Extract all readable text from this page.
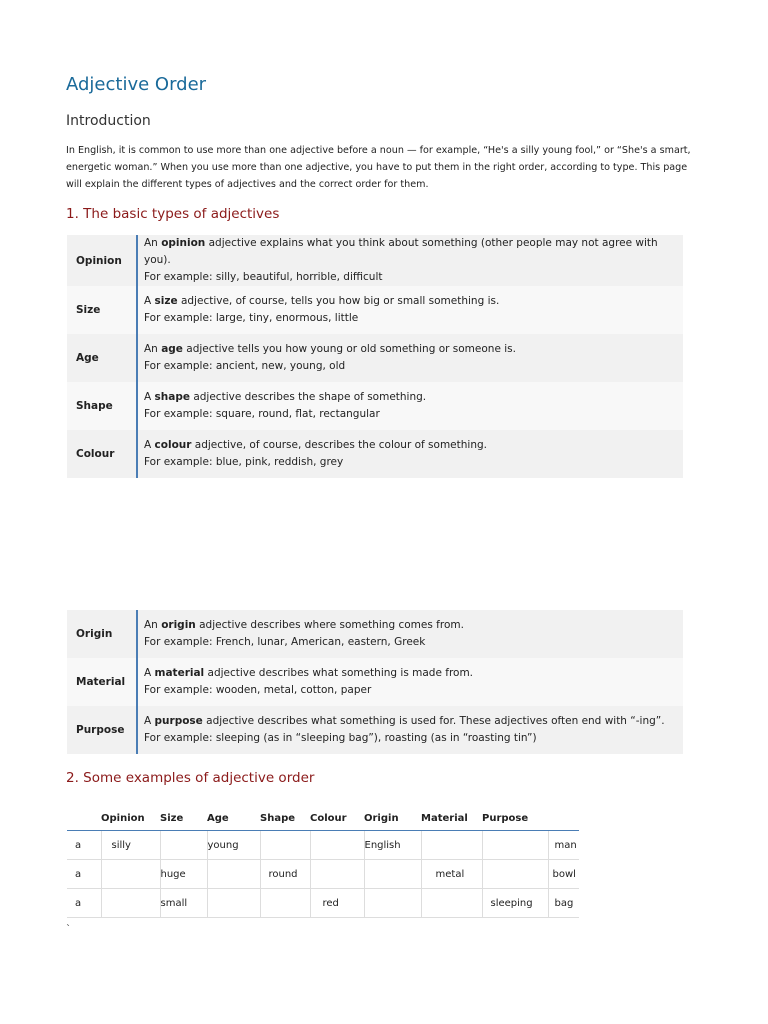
Adjective Order
Introduction

In English, it is common to use more than one adjective before a noun — for example, “He's a silly young fool,” or “She's a smart, energetic woman.” When you use more than one adjective, you have to put them in the right order, according to type. This page will explain the different types of adjectives and the correct order for them.

1. The basic types of adjectives
Opinion	An opinion adjective explains what you think about something (other people may not agree with you).
For example: silly, beautiful, horrible, difficult
Size	A size adjective, of course, tells you how big or small something is.
For example: large, tiny, enormous, little
Age	An age adjective tells you how young or old something or someone is.
For example: ancient, new, young, old
Shape	A shape adjective describes the shape of something.
For example: square, round, flat, rectangular
Colour	A colour adjective, of course, describes the colour of something.
For example: blue, pink, reddish, grey
Origin	An origin adjective describes where something comes from.
For example: French, lunar, American, eastern, Greek
Material	A material adjective describes what something is made from.
For example: wooden, metal, cotton, paper
Purpose	A purpose adjective describes what something is used for. These adjectives often end with “-ing”.
For example: sleeping (as in “sleeping bag”), roasting (as in “roasting tin”)
2. Some examples of adjective order
	Opinion	Size	Age	Shape	Colour	Origin	Material	Purpose	
a	silly		young			English			man
a		huge		round			metal		bowl
a		small			red			sleeping	bag
`
